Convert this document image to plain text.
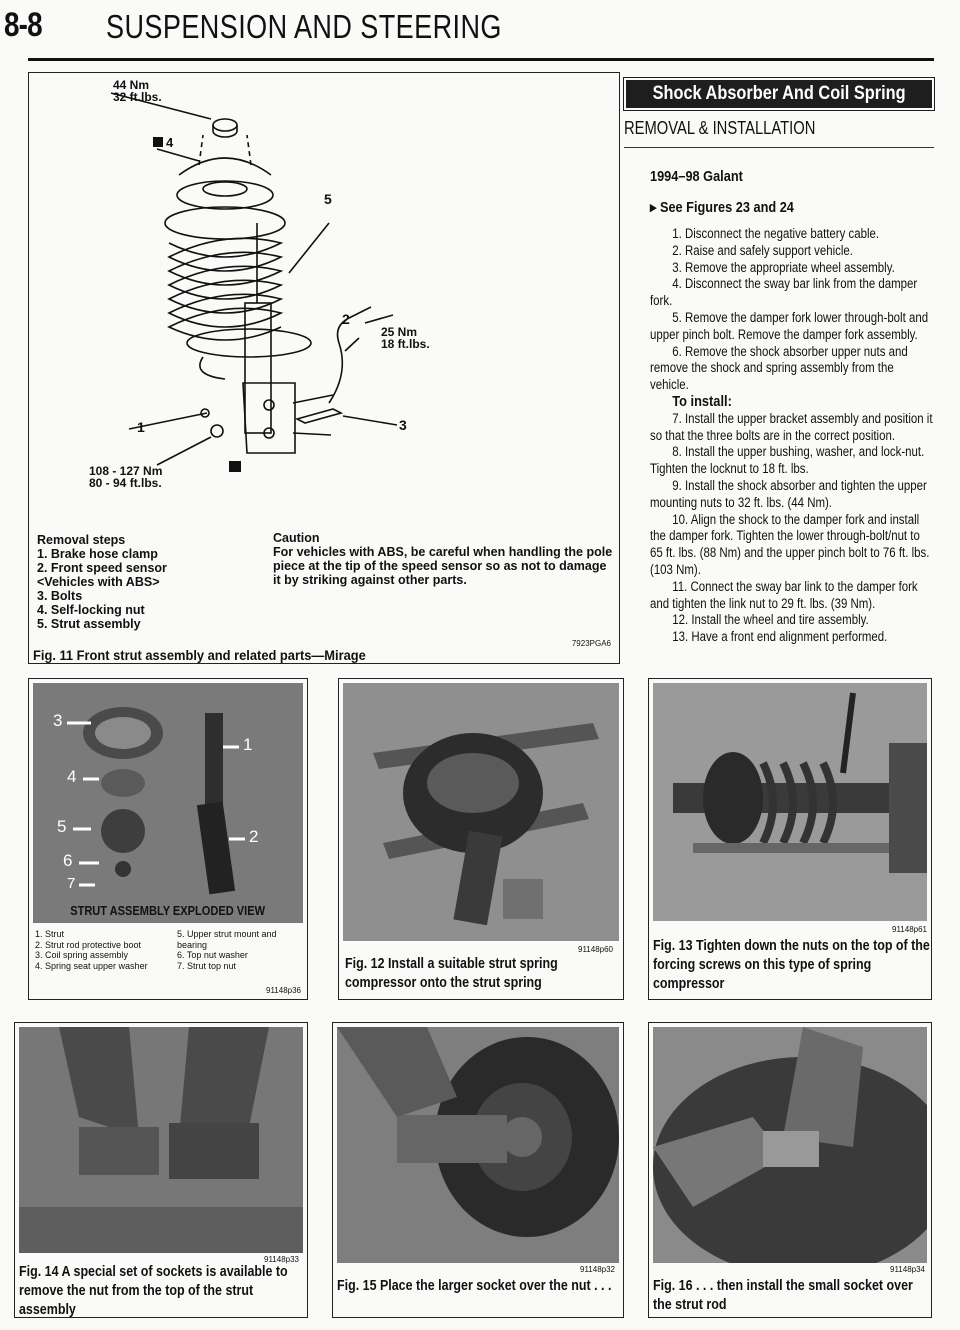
8-8 SUSPENSION AND STEERING
44 Nm
32 ft.lbs.
4
5
2
25 Nm
18 ft.lbs.
3
1
108 - 127 Nm
80 - 94 ft.lbs.
Removal steps
1. Brake hose clamp
2. Front speed sensor
<Vehicles with ABS>
3. Bolts
4. Self-locking nut
5. Strut assembly
Caution
For vehicles with ABS, be careful when handling the pole piece at the tip of the speed sensor so as not to damage it by striking against other parts.
7923PGA6
Fig. 11 Front strut assembly and related parts—Mirage
Shock Absorber And Coil Spring
REMOVAL & INSTALLATION
1994–98 Galant
▸ See Figures 23 and 24

1. Disconnect the negative battery cable.

2. Raise and safely support vehicle.

3. Remove the appropriate wheel assembly.

4. Disconnect the sway bar link from the damper fork.

5. Remove the damper fork lower through-bolt and upper pinch bolt. Remove the damper fork assembly.

6. Remove the shock absorber upper nuts and remove the shock and spring assembly from the vehicle.

To install:

7. Install the upper bracket assembly and position it so that the three bolts are in the correct position.

8. Install the upper bushing, washer, and lock-nut. Tighten the locknut to 18 ft. lbs.

9. Install the shock absorber and tighten the upper mounting nuts to 32 ft. lbs. (44 Nm).

10. Align the shock to the damper fork and install the damper fork. Tighten the lower through-bolt/nut to 65 ft. lbs. (88 Nm) and the upper pinch bolt to 76 ft. lbs. (103 Nm).

11. Connect the sway bar link to the damper fork and tighten the link nut to 29 ft. lbs. (39 Nm).

12. Install the wheel and tire assembly.

13. Have a front end alignment performed.

3
4
5
6
7
1
2
STRUT ASSEMBLY EXPLODED VIEW
1. Strut
2. Strut rod protective boot
3. Coil spring assembly
4. Spring seat upper washer
5. Upper strut mount and bearing
6. Top nut washer
7. Strut top nut
91148p36
91148p60
Fig. 12 Install a suitable strut spring compressor onto the strut spring
91148p61
Fig. 13 Tighten down the nuts on the top of the forcing screws on this type of spring compressor
91148p33
Fig. 14 A special set of sockets is available to remove the nut from the top of the strut assembly
91148p32
Fig. 15 Place the larger socket over the nut . . .
91148p34
Fig. 16 . . . then install the small socket over the strut rod
